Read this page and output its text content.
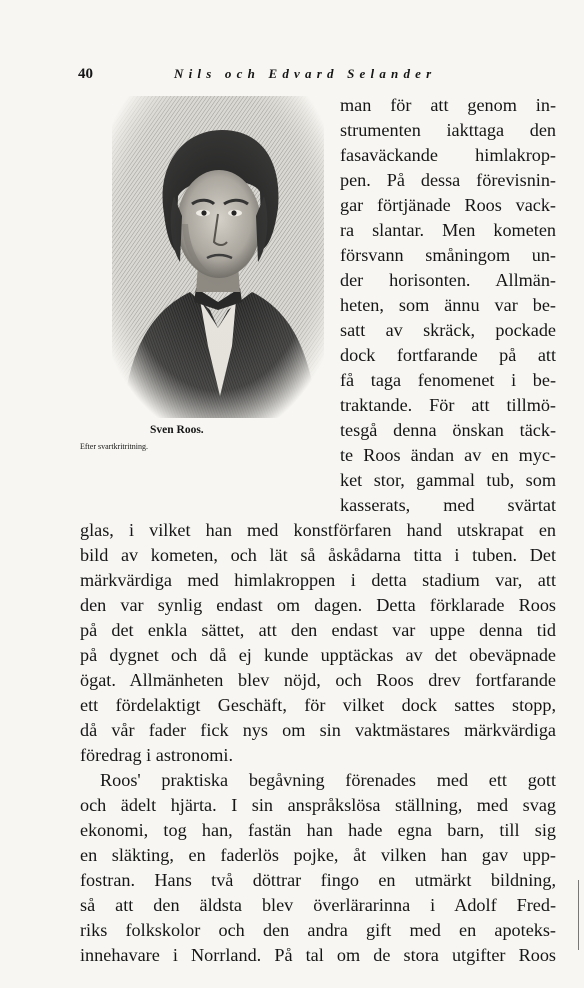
40	Nils och Edvard Selander
Sven Roos.
Efter svartkritritning.
man för att genom in-
strumenten iakttaga den
fasaväckande himlakrop-
pen. På dessa förevisnin-
gar förtjänade Roos vack-
ra slantar. Men kometen
försvann småningom un-
der horisonten. Allmän-
heten, som ännu var be-
satt av skräck, pockade
dock fortfarande på att
få taga fenomenet i be-
traktande. För att tillmö-
tesgå denna önskan täck-
te Roos ändan av en myc-
ket stor, gammal tub, som
kasserats, med svärtat
glas, i vilket han med konstförfaren hand utskrapat en
bild av kometen, och lät så åskådarna titta i tuben. Det
märkvärdiga med himlakroppen i detta stadium var, att
den var synlig endast om dagen. Detta förklarade Roos
på det enkla sättet, att den endast var uppe denna tid
på dygnet och då ej kunde upptäckas av det obeväpnade
ögat. Allmänheten blev nöjd, och Roos drev fortfarande
ett fördelaktigt Geschäft, för vilket dock sattes stopp,
då vår fader fick nys om sin vaktmästares märkvärdiga
föredrag i astronomi.
Roos' praktiska begåvning förenades med ett gott
och ädelt hjärta. I sin anspråkslösa ställning, med svag
ekonomi, tog han, fastän han hade egna barn, till sig
en släkting, en faderlös pojke, åt vilken han gav upp-
fostran. Hans två döttrar fingo en utmärkt bildning,
så att den äldsta blev överlärarinna i Adolf Fred-
riks folkskolor och den andra gift med en apoteks-
innehavare i Norrland. På tal om de stora utgifter Roos
